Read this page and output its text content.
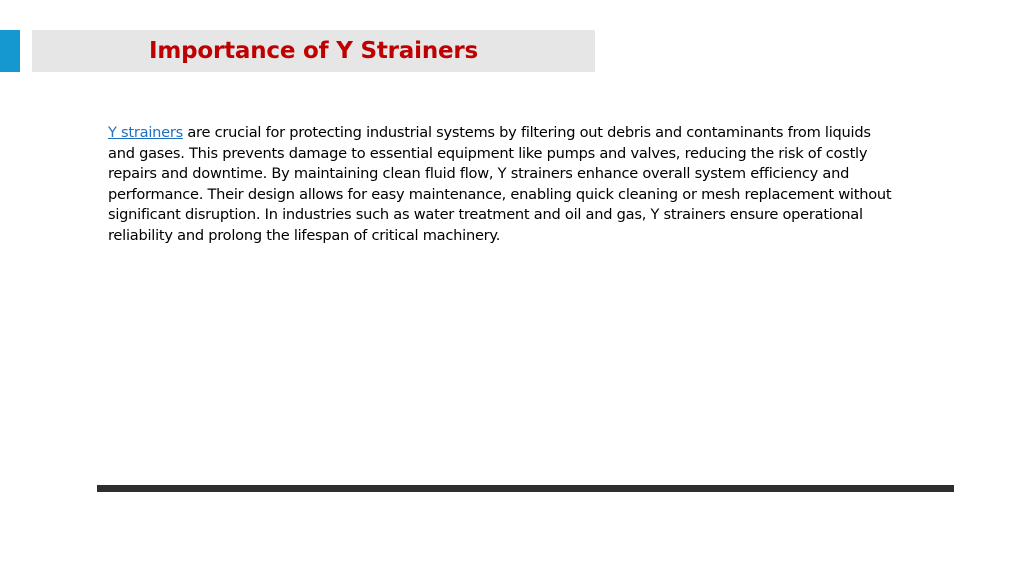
Importance of Y Strainers

Y strainers are crucial for protecting industrial systems by filtering out debris and contaminants from liquids and gases. This prevents damage to essential equipment like pumps and valves, reducing the risk of costly repairs and downtime. By maintaining clean fluid flow, Y strainers enhance overall system efficiency and performance. Their design allows for easy maintenance, enabling quick cleaning or mesh replacement without significant disruption. In industries such as water treatment and oil and gas, Y strainers ensure operational reliability and prolong the lifespan of critical machinery.
